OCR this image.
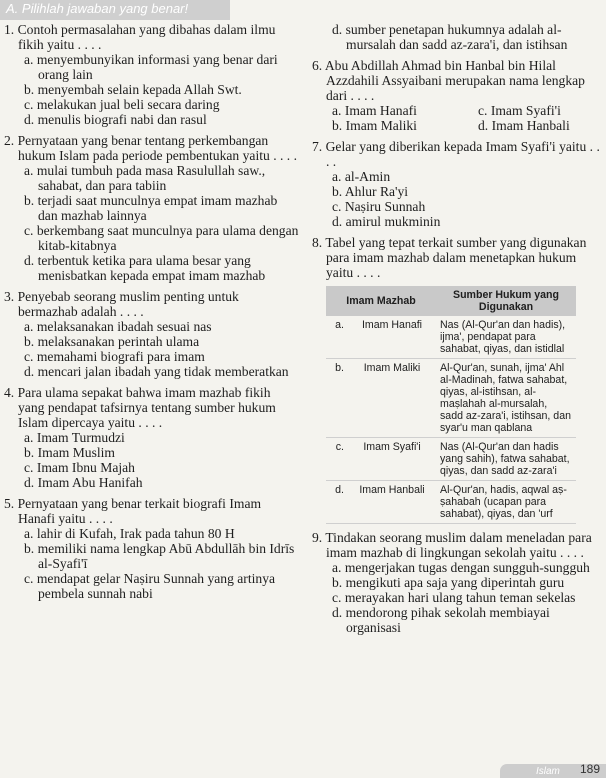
A. Pilihlah jawaban yang benar!
1. Contoh permasalahan yang dibahas dalam ilmu fikih yaitu . . . .
a. menyembunyikan informasi yang benar dari orang lain
b. menyembah selain kepada Allah Swt.
c. melakukan jual beli secara daring
d. menulis biografi nabi dan rasul
2. Pernyataan yang benar tentang perkembangan hukum Islam pada periode pembentukan yaitu . . . .
a. mulai tumbuh pada masa Rasulullah saw., sahabat, dan para tabiin
b. terjadi saat munculnya empat imam mazhab dan mazhab lainnya
c. berkembang saat munculnya para ulama dengan kitab-kitabnya
d. terbentuk ketika para ulama besar yang menisbatkan kepada empat imam mazhab
3. Penyebab seorang muslim penting untuk bermazhab adalah . . . .
a. melaksanakan ibadah sesuai nas
b. melaksanakan perintah ulama
c. memahami biografi para imam
d. mencari jalan ibadah yang tidak memberatkan
4. Para ulama sepakat bahwa imam mazhab fikih yang pendapat tafsirnya tentang sumber hukum Islam dipercaya yaitu . . . .
a. Imam Turmudzi
b. Imam Muslim
c. Imam Ibnu Majah
d. Imam Abu Hanifah
5. Pernyataan yang benar terkait biografi Imam Hanafi yaitu . . . .
a. lahir di Kufah, Irak pada tahun 80 H
b. memiliki nama lengkap Abū Abdullāh bin Idrīs al-Syafi'ī
c. mendapat gelar Naṣiru Sunnah yang artinya pembela sunnah nabi
d. sumber penetapan hukumnya adalah al-mursalah dan sadd az-zara'i, dan istihsan
6. Abu Abdillah Ahmad bin Hanbal bin Hilal Azzdahili Assyaibani merupakan nama lengkap dari . . . .
a. Imam Hanafi	c. Imam Syafi'i
b. Imam Maliki	d. Imam Hanbali
7. Gelar yang diberikan kepada Imam Syafi'i yaitu . . . .
a. al-Amin
b. Ahlur Ra'yi
c. Naṣiru Sunnah
d. amirul mukminin
8. Tabel yang tepat terkait sumber yang digunakan para imam mazhab dalam menetapkan hukum yaitu . . . .
Imam Mazhab		Sumber Hukum yang Digunakan
a.	Imam Hanafi	Nas (Al-Qur'an dan hadis), ijma', pendapat para sahabat, qiyas, dan istidlal
b.	Imam Maliki	Al-Qur'an, sunah, ijma' Ahl al-Madinah, fatwa sahabat, qiyas, al-istihsan, al-maṣlahah al-mursalah, sadd az-zara'i, istihsan, dan syar'u man qablana
c.	Imam Syafi'i	Nas (Al-Qur'an dan hadis yang sahih), fatwa sahabat, qiyas, dan sadd az-zara'i
d.	Imam Hanbali	Al-Qur'an, hadis, aqwal aṣ-ṣahabah (ucapan para sahabat), qiyas, dan 'urf
9. Tindakan seorang muslim dalam meneladan para imam mazhab di lingkungan sekolah yaitu . . . .
a. mengerjakan tugas dengan sungguh-sungguh
b. mengikuti apa saja yang diperintah guru
c. merayakan hari ulang tahun teman sekelas
d. mendorong pihak sekolah membiayai organisasi
Islam 189
